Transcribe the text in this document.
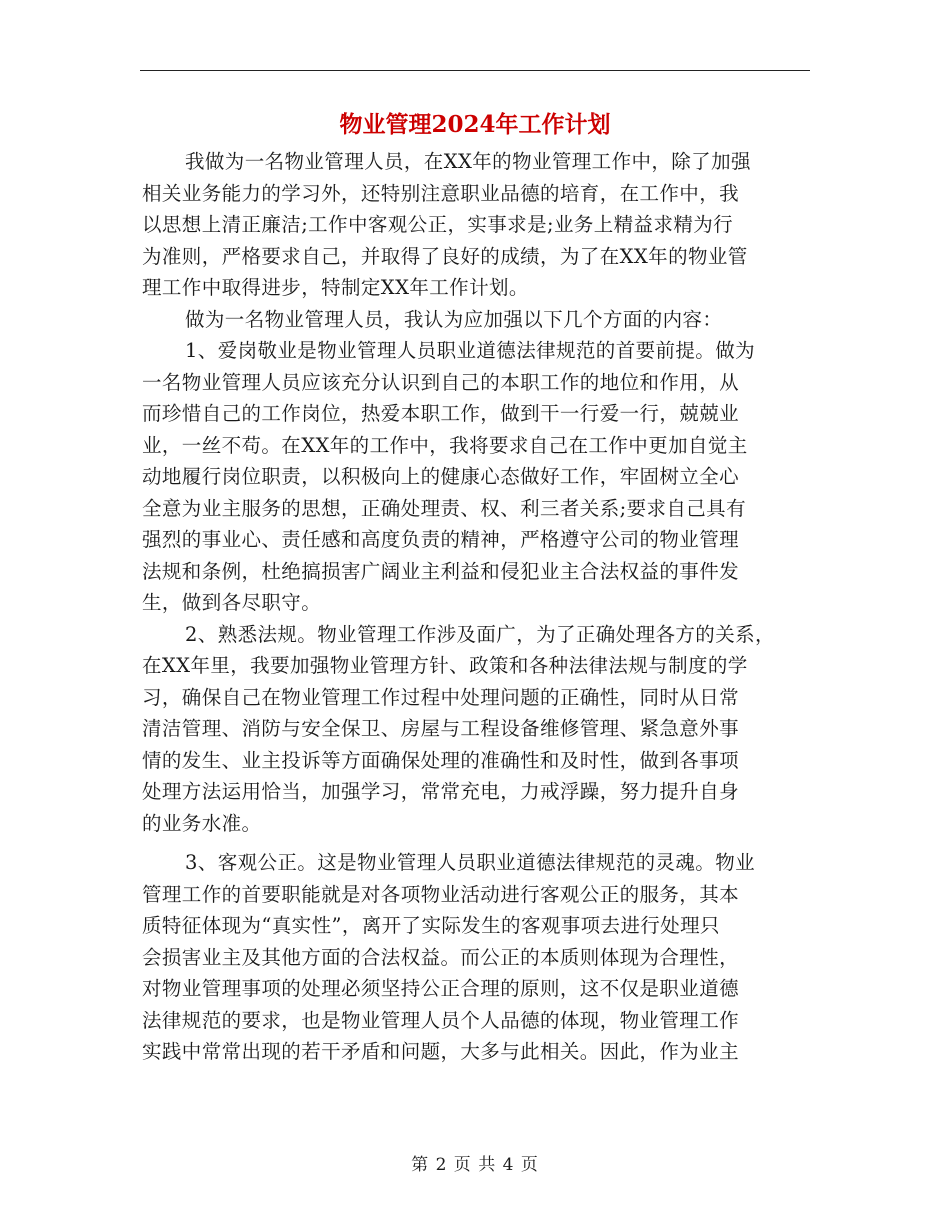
物业管理2024年工作计划

我做为一名物业管理人员，在XX年的物业管理工作中，除了加强
相关业务能力的学习外，还特别注意职业品德的培育，在工作中，我
以思想上清正廉洁;工作中客观公正，实事求是;业务上精益求精为行
为准则，严格要求自己，并取得了良好的成绩，为了在XX年的物业管
理工作中取得进步，特制定XX年工作计划。

做为一名物业管理人员，我认为应加强以下几个方面的内容：

1、爱岗敬业是物业管理人员职业道德法律规范的首要前提。做为
一名物业管理人员应该充分认识到自己的本职工作的地位和作用，从
而珍惜自己的工作岗位，热爱本职工作，做到干一行爱一行，兢兢业
业，一丝不苟。在XX年的工作中，我将要求自己在工作中更加自觉主
动地履行岗位职责，以积极向上的健康心态做好工作，牢固树立全心
全意为业主服务的思想，正确处理责、权、利三者关系;要求自己具有
强烈的事业心、责任感和高度负责的精神，严格遵守公司的物业管理
法规和条例，杜绝搞损害广阔业主利益和侵犯业主合法权益的事件发
生，做到各尽职守。

2、熟悉法规。物业管理工作涉及面广，为了正确处理各方的关系，
在XX年里，我要加强物业管理方针、政策和各种法律法规与制度的学
习，确保自己在物业管理工作过程中处理问题的正确性，同时从日常
清洁管理、消防与安全保卫、房屋与工程设备维修管理、紧急意外事
情的发生、业主投诉等方面确保处理的准确性和及时性，做到各事项
处理方法运用恰当，加强学习，常常充电，力戒浮躁，努力提升自身
的业务水准。

3、客观公正。这是物业管理人员职业道德法律规范的灵魂。物业
管理工作的首要职能就是对各项物业活动进行客观公正的服务，其本
质特征体现为“真实性”，离开了实际发生的客观事项去进行处理只
会损害业主及其他方面的合法权益。而公正的本质则体现为合理性，
对物业管理事项的处理必须坚持公正合理的原则，这不仅是职业道德
法律规范的要求，也是物业管理人员个人品德的体现，物业管理工作
实践中常常出现的若干矛盾和问题，大多与此相关。因此，作为业主

第 2 页 共 4 页
